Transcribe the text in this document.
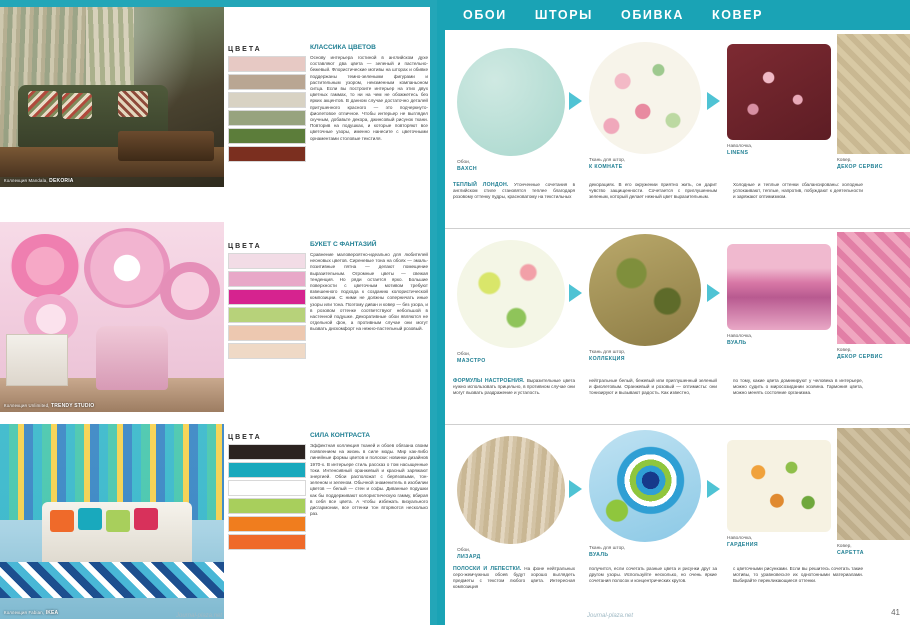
Коллекция Mandala, DEKORIA
ЦВЕТА	КЛАССИКА ЦВЕТОВ
Основу интерьера гостиной в английском духе составляют два цвета — зеленый и пастельно-бежевый. Флористические мотивы на шторах и обивке поддержаны темно-зелеными фигурами и растительным узором, неизменным компаньоном ситца. Если вы построите интерьер на этих двух цветных гаммах, то ни на чем не обожжетесь без ярких акцентов. В данном случае достаточно деталей притушенного красного — это подчеркнуто-фиолетовое отличное. Чтобы интерьер не выглядел скучным, добавьте декора, джинсовый рисунок ткани. Повторив на подушках, и которые повторяют все цветочные узоры, именно нанесите с цветочными орнаментами столовые текстиля.
Коллекция Unlimited, TRENDY STUDIO
ЦВЕТА	БУКЕТ С ФАНТАЗИЙ
Сравнение маловероятно-идеально для любителей неоновых цветов. Сиреневые тона на обоях — эмаль-позитивные пятна — делают помещение выразительным. Огромные цветы — свежая тенденция. Но ряди остается ярко. Большие поверхности с цветочным мотивом требуют взвешенного подхода к созданию колористической композиции. С ними не должны соперничать иные узоры или тона. Поэтому диван и ковер — без узора, и в розовом оттенке соответствуют небольшой в настенной подушке. Декоративные обои являются не отдельной фон, а противным случае они могут вызвать дискомфорт на нежно-пастельный розовый.
Коллекция Fabian, IKEA
ЦВЕТА	СИЛА КОНТРАСТА
Эффектная коллекция тканей и обоев обязана своим появлением на жизнь в силе моды. Мир как-либо линейные формы цветов и полоски: новинки дизайнов 1970-х. В интерьере стиль рассказ о том насыщенные токи. Интенсивный оранжевый и красный заряжают энергией. Обои расположат с берёзовыми, тон-зеленом и зеленом. Обычной знаменитель в изобилии цветов — белый — стен и софы. Диванные подушки как бы поддерживают колористическую гамму, вбирая в себя все цвета. А чтобы избежать визуального дисгармонии, все оттенки тон вторяются несколько раз.
Journal-plaza.net
ОБОИ	ШТОРЫ	ОБИВКА	КОВЕР
Обои,
ВАХСН
Ткань для штор,
К КОМНАТЕ
Наволочка,
LINENS
Ковер,
ДЕКОР СЕРВИС
ТЕПЛЫЙ ЛОНДОН. Утонченные сочетания в английском стиле становятся теплее благодаря розовому оттенку пудры, красноватому на текстильных
декорациях. В его окружении приятно жить, он дарит чувство защищенности. Сочетается с приглушенным зеленым, который делает нежный цвет выразительным.
Холодные и теплые оттенки сбалансированы: холодные успокаивают, теплые, напротив, побуждают к деятельности и заряжают оптимизмом.
Обои,
МАЭСТРО
Ткань для штор,
КОЛЛЕКЦИЯ
Наволочка,
ВУАЛЬ
Ковер,
ДЕКОР СЕРВИС
ФОРМУЛЫ НАСТРОЕНИЯ. Выразительные цвета нужно использовать прицельно, в противном случае они могут вызвать раздражение и усталость.
нейтральные белый, бежевый или приглушенный зеленый и фиолетовым. Оранжевый и розовый — оптимисты: они тонизируют и вызывают радость. Как известно,
по тому, какие цвета доминируют у человека в интерьере, можно судить о миросозидании хозяина. Гармония цвета, можно менять состояние организма.
Обои,
ЛИЗАРД
Ткань для штор,
ВУАЛЬ
Наволочка,
ГАРДЕНИЯ	Ковер,
САРЕТТА
ПОЛОСКИ И ЛЕПЕСТКИ. На фоне нейтральных серо-жемчужных обоев будут хорошо выглядеть предметы с текстом любого цвета. Интересная композиция
получится, если сочетать разные цвета и рисунки друг за другом узоры. Используйте несколько, но очень яркие сочетания полосок и концентрических кругов.
с цветочными рисунками. Если вы решитесь сочетать такие мотивы, то уравновесьте их однотонными материалами. Выбирайте перекликающиеся оттенки.
Journal-plaza.net	41
